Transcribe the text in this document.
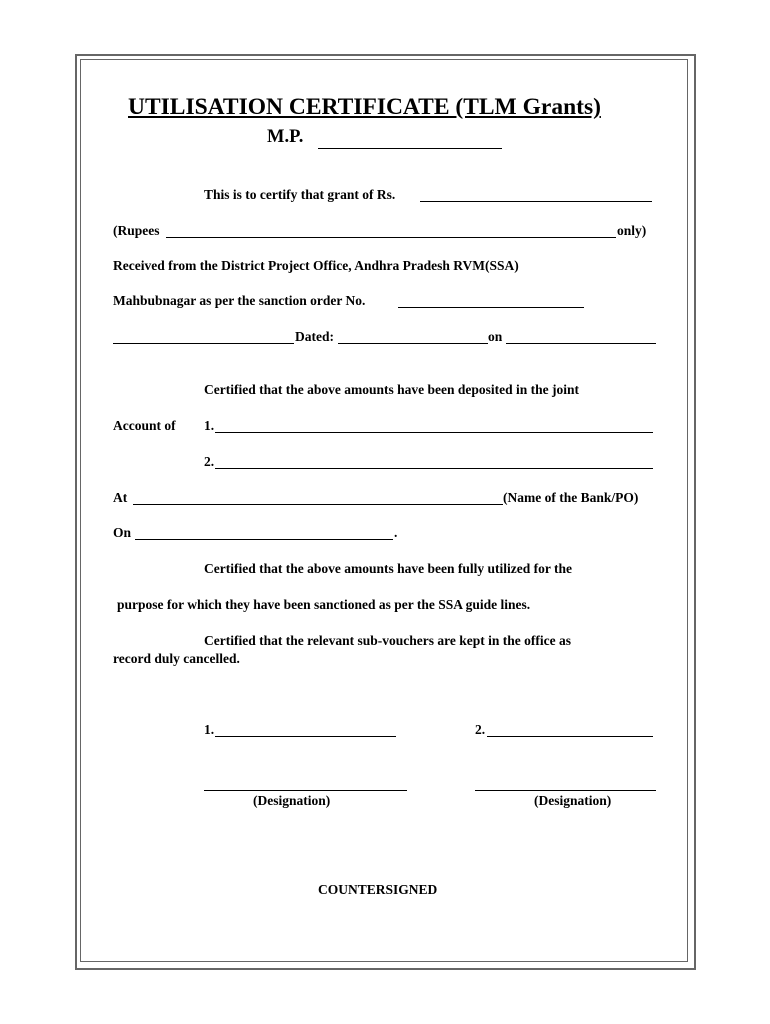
UTILISATION CERTIFICATE (TLM Grants)
M.P.
This is to certify that grant of Rs.
(Rupees	only)
Received from the District Project Office, Andhra Pradesh RVM(SSA)
Mahbubnagar as per the sanction order No.
Dated:	on
Certified that the above amounts have been deposited in the joint
Account of 1.
2.
At	(Name of the Bank/PO)
On	.
Certified that the above amounts have been fully utilized for the
purpose for which they have been sanctioned as per the SSA guide lines.
Certified that the relevant sub-vouchers are kept in the office as
record duly cancelled.
1.	2.
(Designation)	(Designation)
COUNTERSIGNED
